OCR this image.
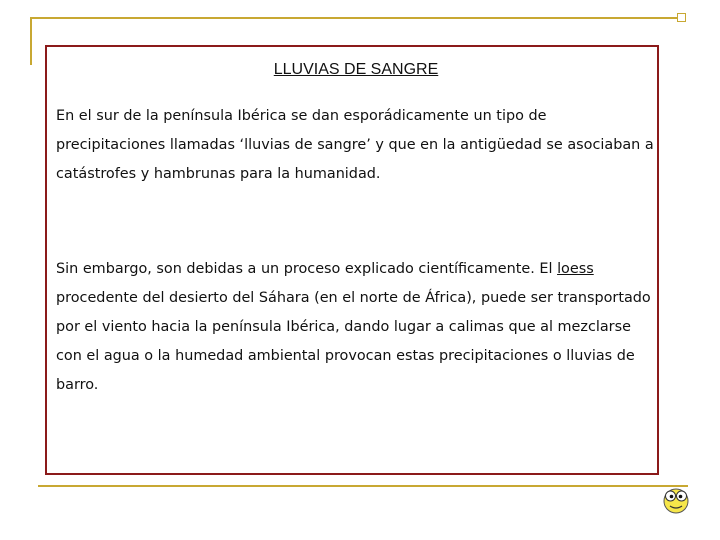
LLUVIAS DE SANGRE

En el sur de la península Ibérica se dan esporádicamente un tipo de precipitaciones llamadas ‘lluvias de sangre’ y que en la antigüedad se asociaban a catástrofes y hambrunas para la humanidad.

Sin embargo, son debidas a un proceso explicado científicamente. El loess procedente del desierto del Sáhara (en el norte de África), puede ser transportado por el viento hacia la península Ibérica, dando lugar a calimas que al mezclarse con el agua o la humedad ambiental provocan estas precipitaciones o lluvias de barro.
